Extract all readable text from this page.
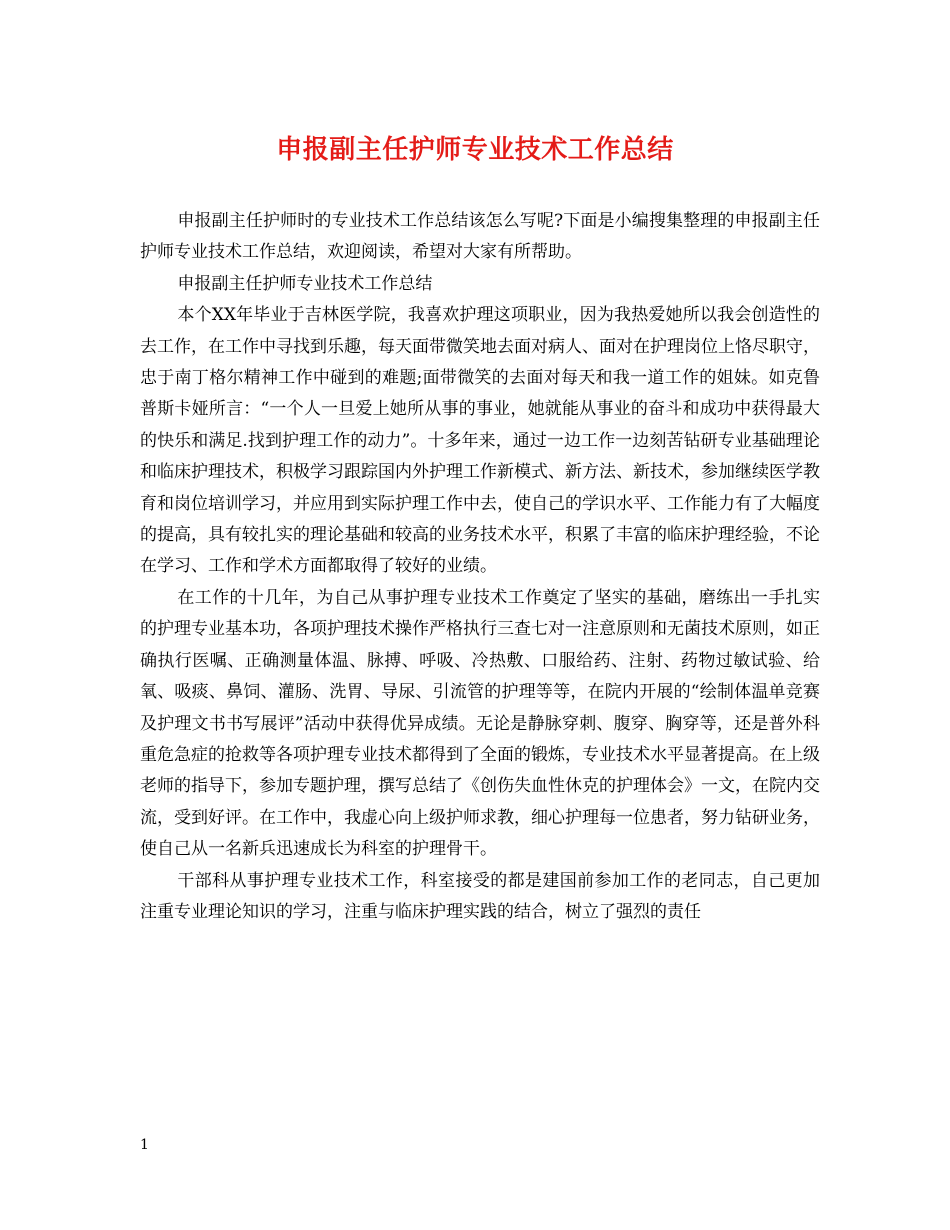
申报副主任护师专业技术工作总结

申报副主任护师时的专业技术工作总结该怎么写呢?下面是小编搜集整理的申报副主任护师专业技术工作总结，欢迎阅读，希望对大家有所帮助。

申报副主任护师专业技术工作总结

本个XX年毕业于吉林医学院，我喜欢护理这项职业，因为我热爱她所以我会创造性的去工作，在工作中寻找到乐趣，每天面带微笑地去面对病人、面对在护理岗位上恪尽职守，忠于南丁格尔精神工作中碰到的难题;面带微笑的去面对每天和我一道工作的姐妹。如克鲁普斯卡娅所言：“一个人一旦爱上她所从事的事业，她就能从事业的奋斗和成功中获得最大的快乐和满足.找到护理工作的动力”。十多年来，通过一边工作一边刻苦钻研专业基础理论和临床护理技术，积极学习跟踪国内外护理工作新模式、新方法、新技术，参加继续医学教育和岗位培训学习，并应用到实际护理工作中去，使自己的学识水平、工作能力有了大幅度的提高，具有较扎实的理论基础和较高的业务技术水平，积累了丰富的临床护理经验，不论在学习、工作和学术方面都取得了较好的业绩。

在工作的十几年，为自己从事护理专业技术工作奠定了坚实的基础，磨练出一手扎实的护理专业基本功，各项护理技术操作严格执行三查七对一注意原则和无菌技术原则，如正确执行医嘱、正确测量体温、脉搏、呼吸、冷热敷、口服给药、注射、药物过敏试验、给氧、吸痰、鼻饲、灌肠、洗胃、导尿、引流管的护理等等，在院内开展的“绘制体温单竞赛及护理文书书写展评”活动中获得优异成绩。无论是静脉穿刺、腹穿、胸穿等，还是普外科重危急症的抢救等各项护理专业技术都得到了全面的锻炼，专业技术水平显著提高。在上级老师的指导下，参加专题护理，撰写总结了《创伤失血性休克的护理体会》一文，在院内交流，受到好评。在工作中，我虚心向上级护师求教，细心护理每一位患者，努力钻研业务，使自己从一名新兵迅速成长为科室的护理骨干。

干部科从事护理专业技术工作，科室接受的都是建国前参加工作的老同志，自己更加注重专业理论知识的学习，注重与临床护理实践的结合，树立了强烈的责任

1
